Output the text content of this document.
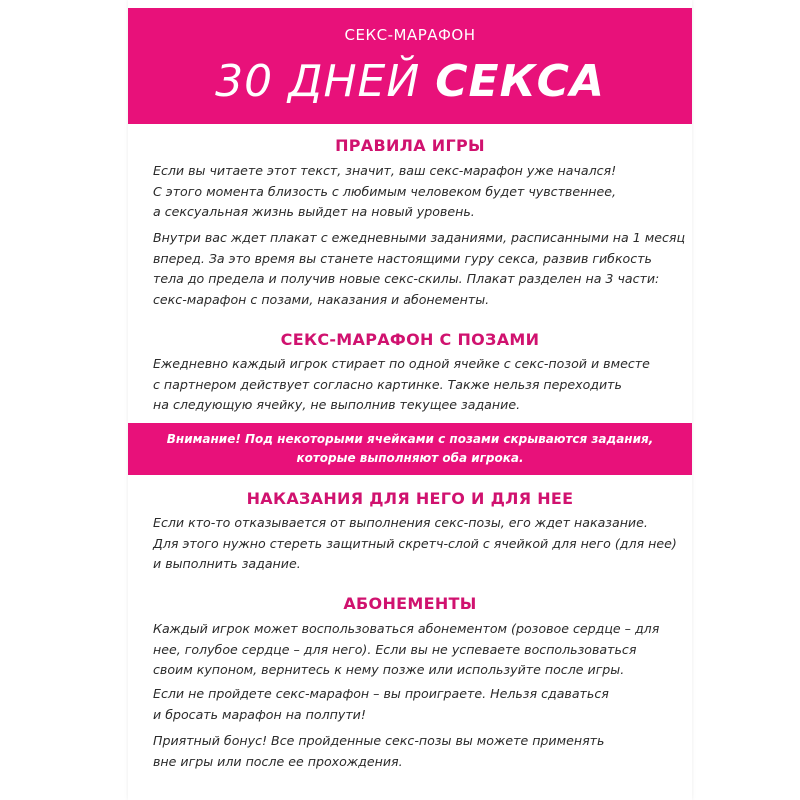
СЕКС-МАРАФОН
30 ДНЕЙ СЕКСА
ПРАВИЛА ИГРЫ
Если вы читаете этот текст, значит, ваш секс-марафон уже начался!
С этого момента близость с любимым человеком будет чувственнее,
а сексуальная жизнь выйдет на новый уровень.
Внутри вас ждет плакат с ежедневными заданиями, расписанными на 1 месяц
вперед. За это время вы станете настоящими гуру секса, развив гибкость
тела до предела и получив новые секс-скилы. Плакат разделен на 3 части:
секс-марафон с позами, наказания и абонементы.
СЕКС-МАРАФОН С ПОЗАМИ
Ежедневно каждый игрок стирает по одной ячейке с секс-позой и вместе
с партнером действует согласно картинке. Также нельзя переходить
на следующую ячейку, не выполнив текущее задание.
Внимание! Под некоторыми ячейками с позами скрываются задания,
которые выполняют оба игрока.
НАКАЗАНИЯ ДЛЯ НЕГО И ДЛЯ НЕЕ
Если кто-то отказывается от выполнения секс-позы, его ждет наказание.
Для этого нужно стереть защитный скретч-слой с ячейкой для него (для нее)
и выполнить задание.
АБОНЕМЕНТЫ
Каждый игрок может воспользоваться абонементом (розовое сердце – для
нее, голубое сердце – для него). Если вы не успеваете воспользоваться
своим купоном, вернитесь к нему позже или используйте после игры.
Если не пройдете секс-марафон – вы проиграете. Нельзя сдаваться
и бросать марафон на полпути!
Приятный бонус! Все пройденные секс-позы вы можете применять
вне игры или после ее прохождения.
